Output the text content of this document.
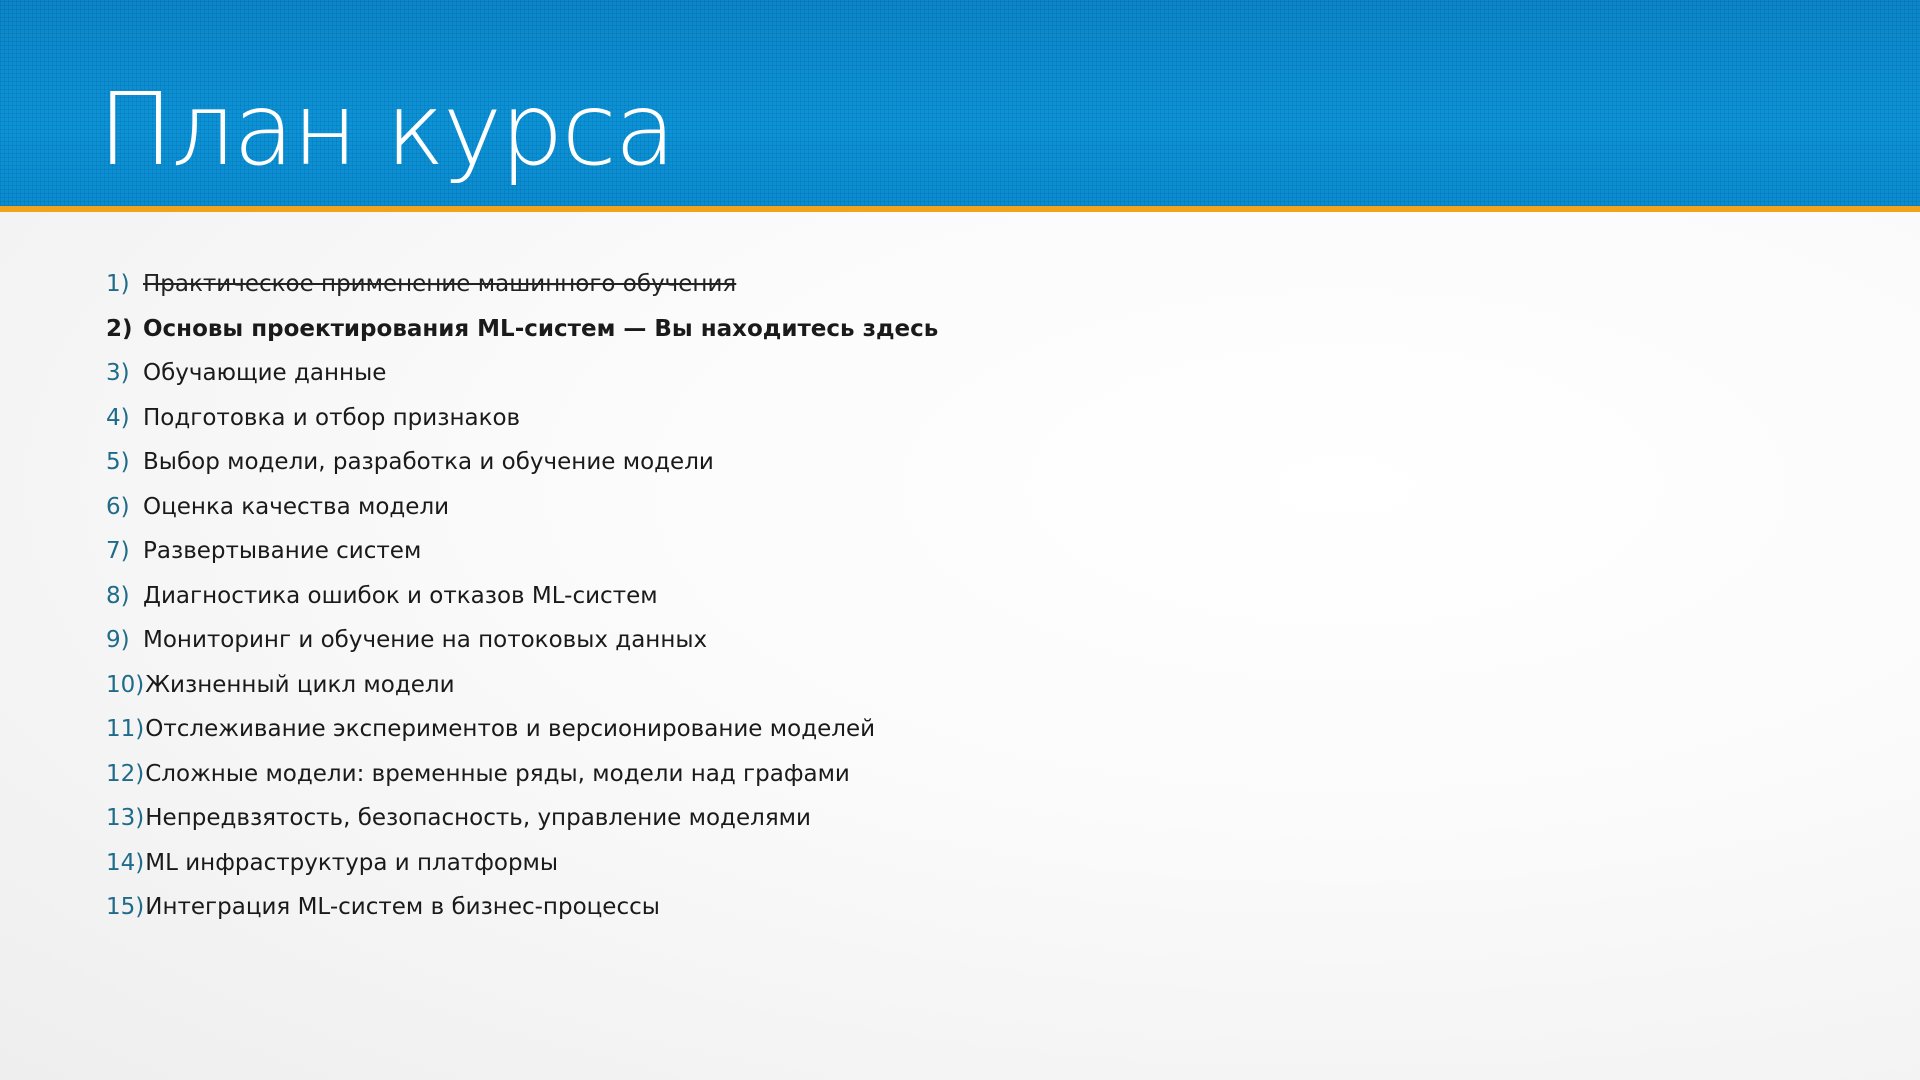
План курса
1) Практическое применение машинного обучения
2) Основы проектирования ML-систем — Вы находитесь здесь
3) Обучающие данные
4) Подготовка и отбор признаков
5) Выбор модели, разработка и обучение модели
6) Оценка качества модели
7) Развертывание систем
8) Диагностика ошибок и отказов ML-систем
9) Мониторинг и обучение на потоковых данных
10) Жизненный цикл модели
11) Отслеживание экспериментов и версионирование моделей
12) Сложные модели: временные ряды, модели над графами
13) Непредвзятость, безопасность, управление моделями
14) ML инфраструктура и платформы
15) Интеграция ML-систем в бизнес-процессы
